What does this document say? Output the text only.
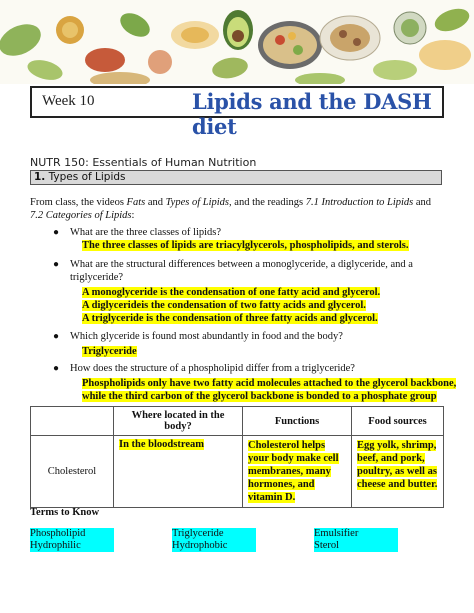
Week 10	Lipids and the DASH diet
NUTR 150: Essentials of Human Nutrition
1. Types of Lipids
From class, the videos Fats and Types of Lipids, and the readings 7.1 Introduction to Lipids and
7.2 Categories of Lipids:
● What are the three classes of lipids?
The three classes of lipids are triacylglycerols, phospholipids, and sterols.
● What are the structural differences between a monoglyceride, a diglyceride, and a
triglyceride?
A monoglyceride is the condensation of one fatty acid and glycerol.
A diglycerideis the condensation of two fatty acids and glycerol.
A triglyceride is the condensation of three fatty acids and glycerol.
● Which glyceride is found most abundantly in food and the body?
Triglyceride
● How does the structure of a phospholipid differ from a triglyceride?
Phospholipids only have two fatty acid molecules attached to the glycerol backbone,
while the third carbon of the glycerol backbone is bonded to a phosphate group
	Where located in the body?	Functions	Food sources
Cholesterol	In the bloodstream	Cholesterol helps
your body make cell
membranes, many
hormones, and
vitamin D.	Egg yolk, shrimp,
beef, and pork,
poultry, as well as
cheese and butter.
Terms to Know
Phospholipid
Hydrophilic
Triglyceride
Hydrophobic
Emulsifier
Sterol
